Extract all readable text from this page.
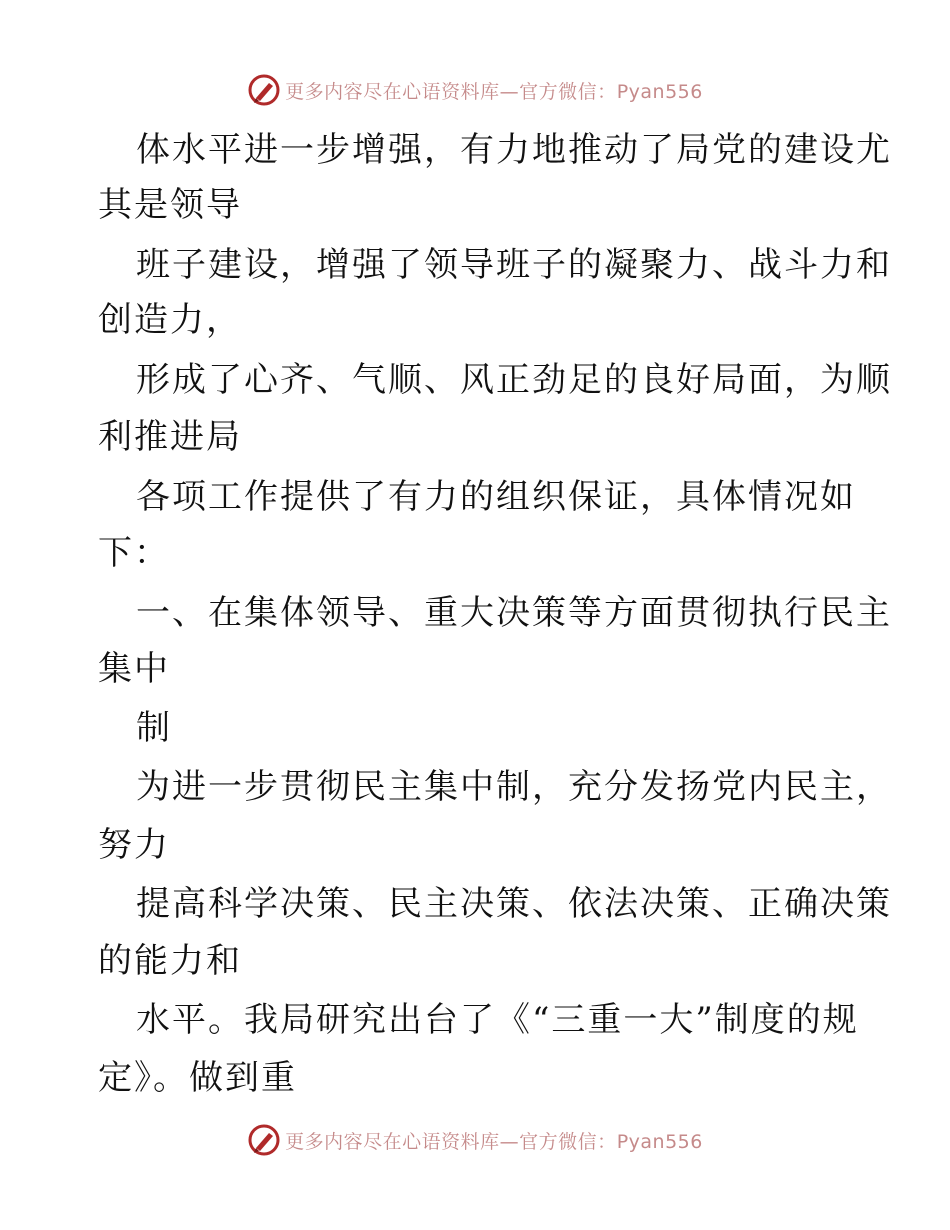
更多内容尽在心语资料库—官方微信：Pyan556
体水平进一步增强，有力地推动了局党的建设尤
其是领导
班子建设，增强了领导班子的凝聚力、战斗力和
创造力，
形成了心齐、气顺、风正劲足的良好局面，为顺
利推进局
各项工作提供了有力的组织保证，具体情况如
下：
一、在集体领导、重大决策等方面贯彻执行民主
集中
制
为进一步贯彻民主集中制，充分发扬党内民主，
努力
提高科学决策、民主决策、依法决策、正确决策
的能力和
水平。我局研究出台了《“三重一大”制度的规
定》。做到重
更多内容尽在心语资料库—官方微信：Pyan556
